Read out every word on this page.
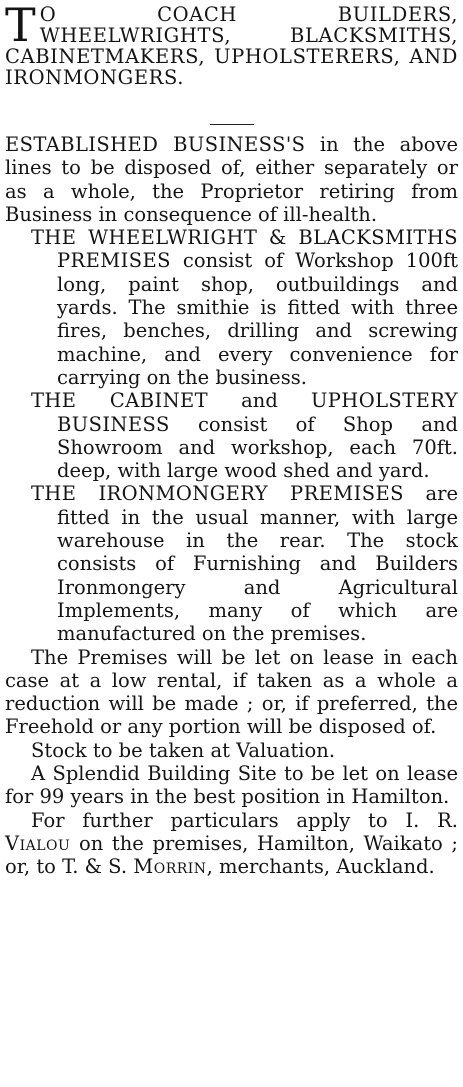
T O COACH BUILDERS, WHEELWRIGHTS, BLACKSMITHS, CABINETMAKERS, UPHOLSTERERS, AND IRONMONGERS.

ESTABLISHED BUSINESS'S in the above lines to be disposed of, either separately or as a whole, the Proprietor retiring from Business in consequence of ill-health.

THE WHEELWRIGHT & BLACKSMITHS PREMISES consist of Workshop 100ft long, paint shop, outbuildings and yards. The smithie is fitted with three fires, benches, drilling and screwing machine, and every convenience for carrying on the business.

THE CABINET and UPHOLSTERY BUSINESS consist of Shop and Showroom and workshop, each 70ft. deep, with large wood shed and yard.

THE IRONMONGERY PREMISES are fitted in the usual manner, with large warehouse in the rear. The stock consists of Furnishing and Builders Ironmongery and Agricultural Implements, many of which are manufactured on the premises.

The Premises will be let on lease in each case at a low rental, if taken as a whole a reduction will be made ; or, if preferred, the Freehold or any portion will be disposed of.

Stock to be taken at Valuation.

A Splendid Building Site to be let on lease for 99 years in the best position in Hamilton.

For further particulars apply to I. R. Vialou on the premises, Hamilton, Waikato ; or, to T. & S. Morrin, merchants, Auckland.
